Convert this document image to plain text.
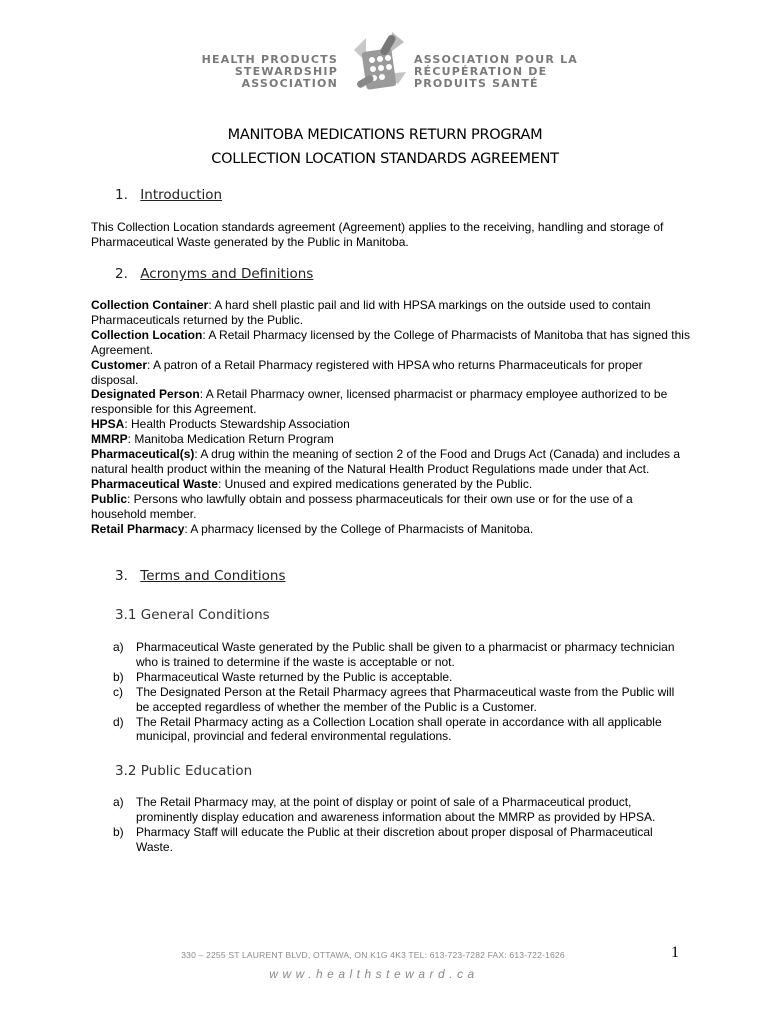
HEALTH PRODUCTS
STEWARDSHIP
ASSOCIATION
ASSOCIATION POUR LA
RÉCUPÉRATION DE
PRODUITS SANTÉ
MANITOBA MEDICATIONS RETURN PROGRAM
COLLECTION LOCATION STANDARDS AGREEMENT
1. Introduction
This Collection Location standards agreement (Agreement) applies to the receiving, handling and storage of Pharmaceutical Waste generated by the Public in Manitoba.
2. Acronyms and Definitions

Collection Container: A hard shell plastic pail and lid with HPSA markings on the outside used to contain Pharmaceuticals returned by the Public.

Collection Location: A Retail Pharmacy licensed by the College of Pharmacists of Manitoba that has signed this Agreement.

Customer: A patron of a Retail Pharmacy registered with HPSA who returns Pharmaceuticals for proper disposal.

Designated Person: A Retail Pharmacy owner, licensed pharmacist or pharmacy employee authorized to be responsible for this Agreement.

HPSA: Health Products Stewardship Association

MMRP: Manitoba Medication Return Program

Pharmaceutical(s): A drug within the meaning of section 2 of the Food and Drugs Act (Canada) and includes a natural health product within the meaning of the Natural Health Product Regulations made under that Act.

Pharmaceutical Waste: Unused and expired medications generated by the Public.

Public: Persons who lawfully obtain and possess pharmaceuticals for their own use or for the use of a household member.

Retail Pharmacy: A pharmacy licensed by the College of Pharmacists of Manitoba.

3. Terms and Conditions
3.1 General Conditions
a) Pharmaceutical Waste generated by the Public shall be given to a pharmacist or pharmacy technician who is trained to determine if the waste is acceptable or not.
b) Pharmaceutical Waste returned by the Public is acceptable.
c) The Designated Person at the Retail Pharmacy agrees that Pharmaceutical waste from the Public will be accepted regardless of whether the member of the Public is a Customer.
d) The Retail Pharmacy acting as a Collection Location shall operate in accordance with all applicable municipal, provincial and federal environmental regulations.
3.2 Public Education
a) The Retail Pharmacy may, at the point of display or point of sale of a Pharmaceutical product, prominently display education and awareness information about the MMRP as provided by HPSA.
b) Pharmacy Staff will educate the Public at their discretion about proper disposal of Pharmaceutical Waste.
330 – 2255 ST LAURENT BLVD, OTTAWA, ON K1G 4K3 TEL: 613-723-7282 FAX: 613-722-1626
www.healthsteward.ca
1
